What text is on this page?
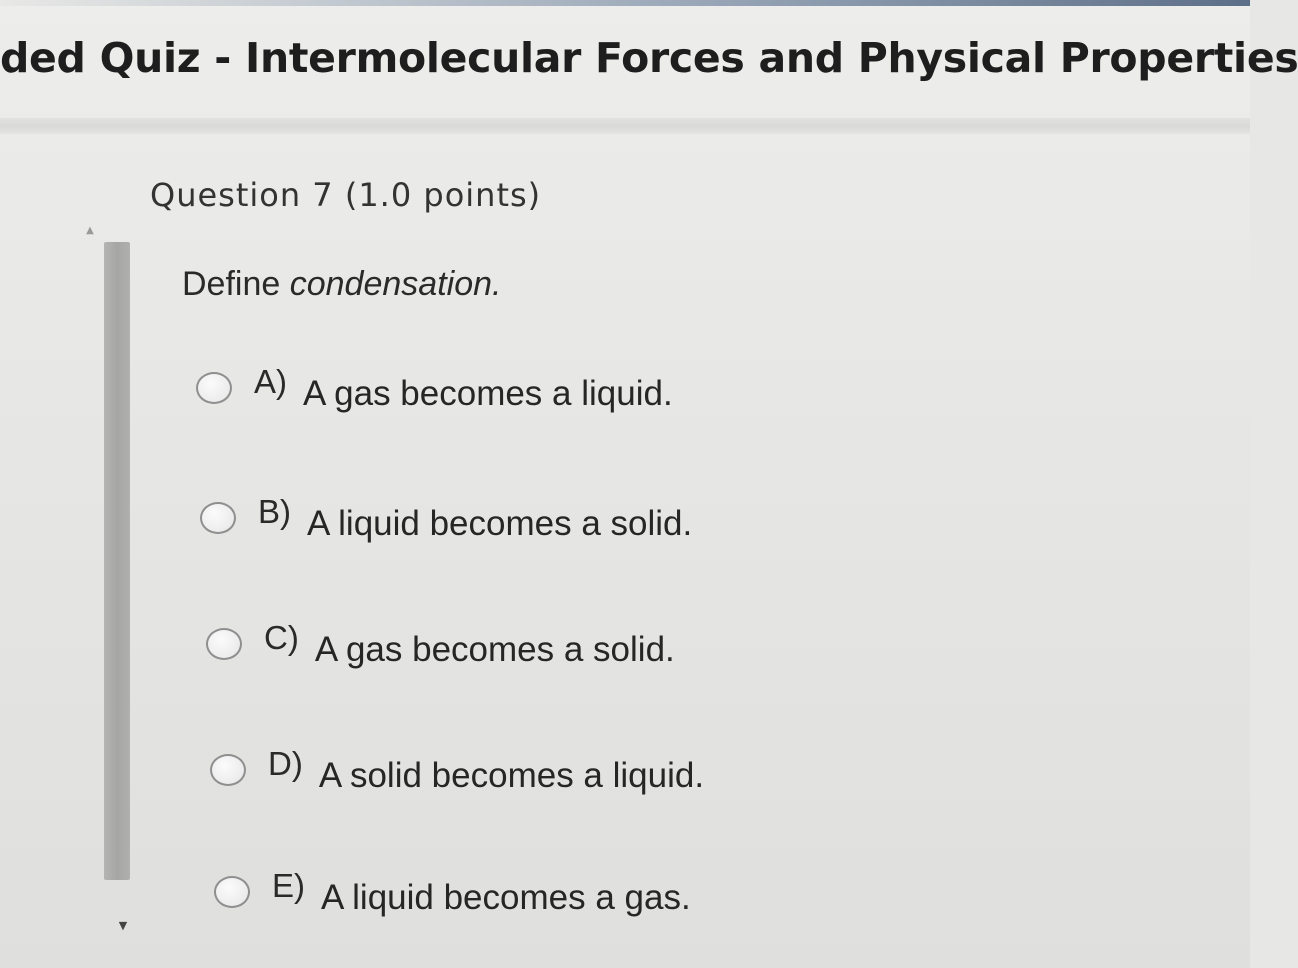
ded Quiz - Intermolecular Forces and Physical Properties
Question 7 (1.0 points)
▲
▼
Define condensation.
A) A gas becomes a liquid.
B) A liquid becomes a solid.
C) A gas becomes a solid.
D) A solid becomes a liquid.
E) A liquid becomes a gas.
